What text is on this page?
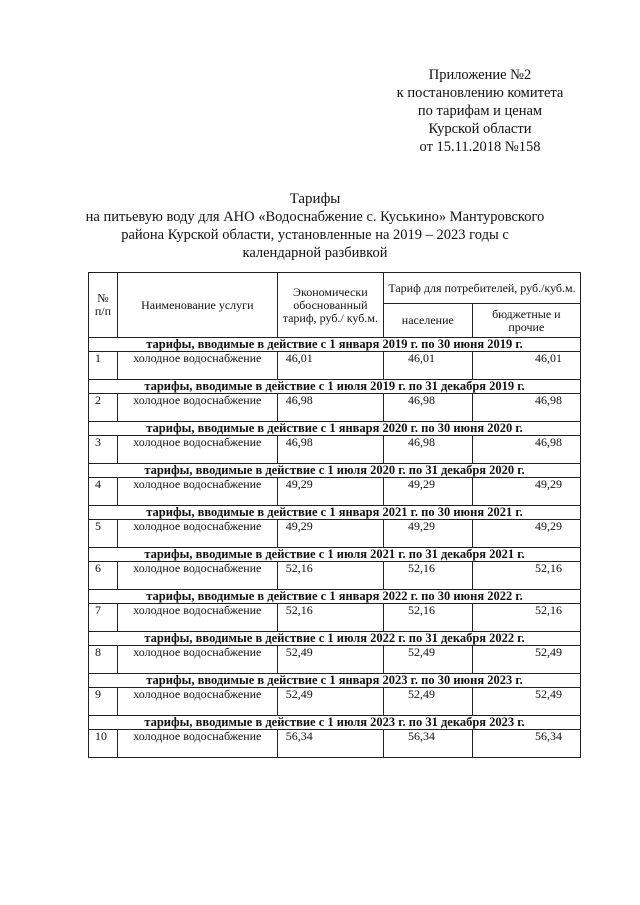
Приложение №2
к постановлению комитета
по тарифам и ценам
Курской области
от 15.11.2018 №158
Тарифы
на питьевую воду для АНО «Водоснабжение с. Куськино» Мантуровского
района Курской области, установленные на 2019 – 2023 годы с
календарной разбивкой
№ п/п	Наименование услуги	Экономически обоснованный тариф, руб./ куб.м.	Тариф для потребителей, руб./куб.м.	
			население	бюджетные и прочие
тарифы, вводимые в действие с 1 января 2019 г. по 30 июня 2019 г.				
1	холодное водоснабжение	46,01	46,01	46,01
тарифы, вводимые в действие с 1 июля 2019 г. по 31 декабря 2019 г.				
2	холодное водоснабжение	46,98	46,98	46,98
тарифы, вводимые в действие с 1 января 2020 г. по 30 июня 2020 г.				
3	холодное водоснабжение	46,98	46,98	46,98
тарифы, вводимые в действие с 1 июля 2020 г. по 31 декабря 2020 г.				
4	холодное водоснабжение	49,29	49,29	49,29
тарифы, вводимые в действие с 1 января 2021 г. по 30 июня 2021 г.				
5	холодное водоснабжение	49,29	49,29	49,29
тарифы, вводимые в действие с 1 июля 2021 г. по 31 декабря 2021 г.				
6	холодное водоснабжение	52,16	52,16	52,16
тарифы, вводимые в действие с 1 января 2022 г. по 30 июня 2022 г.				
7	холодное водоснабжение	52,16	52,16	52,16
тарифы, вводимые в действие с 1 июля 2022 г. по 31 декабря 2022 г.				
8	холодное водоснабжение	52,49	52,49	52,49
тарифы, вводимые в действие с 1 января 2023 г. по 30 июня 2023 г.				
9	холодное водоснабжение	52,49	52,49	52,49
тарифы, вводимые в действие с 1 июля 2023 г. по 31 декабря 2023 г.				
10	холодное водоснабжение	56,34	56,34	56,34
